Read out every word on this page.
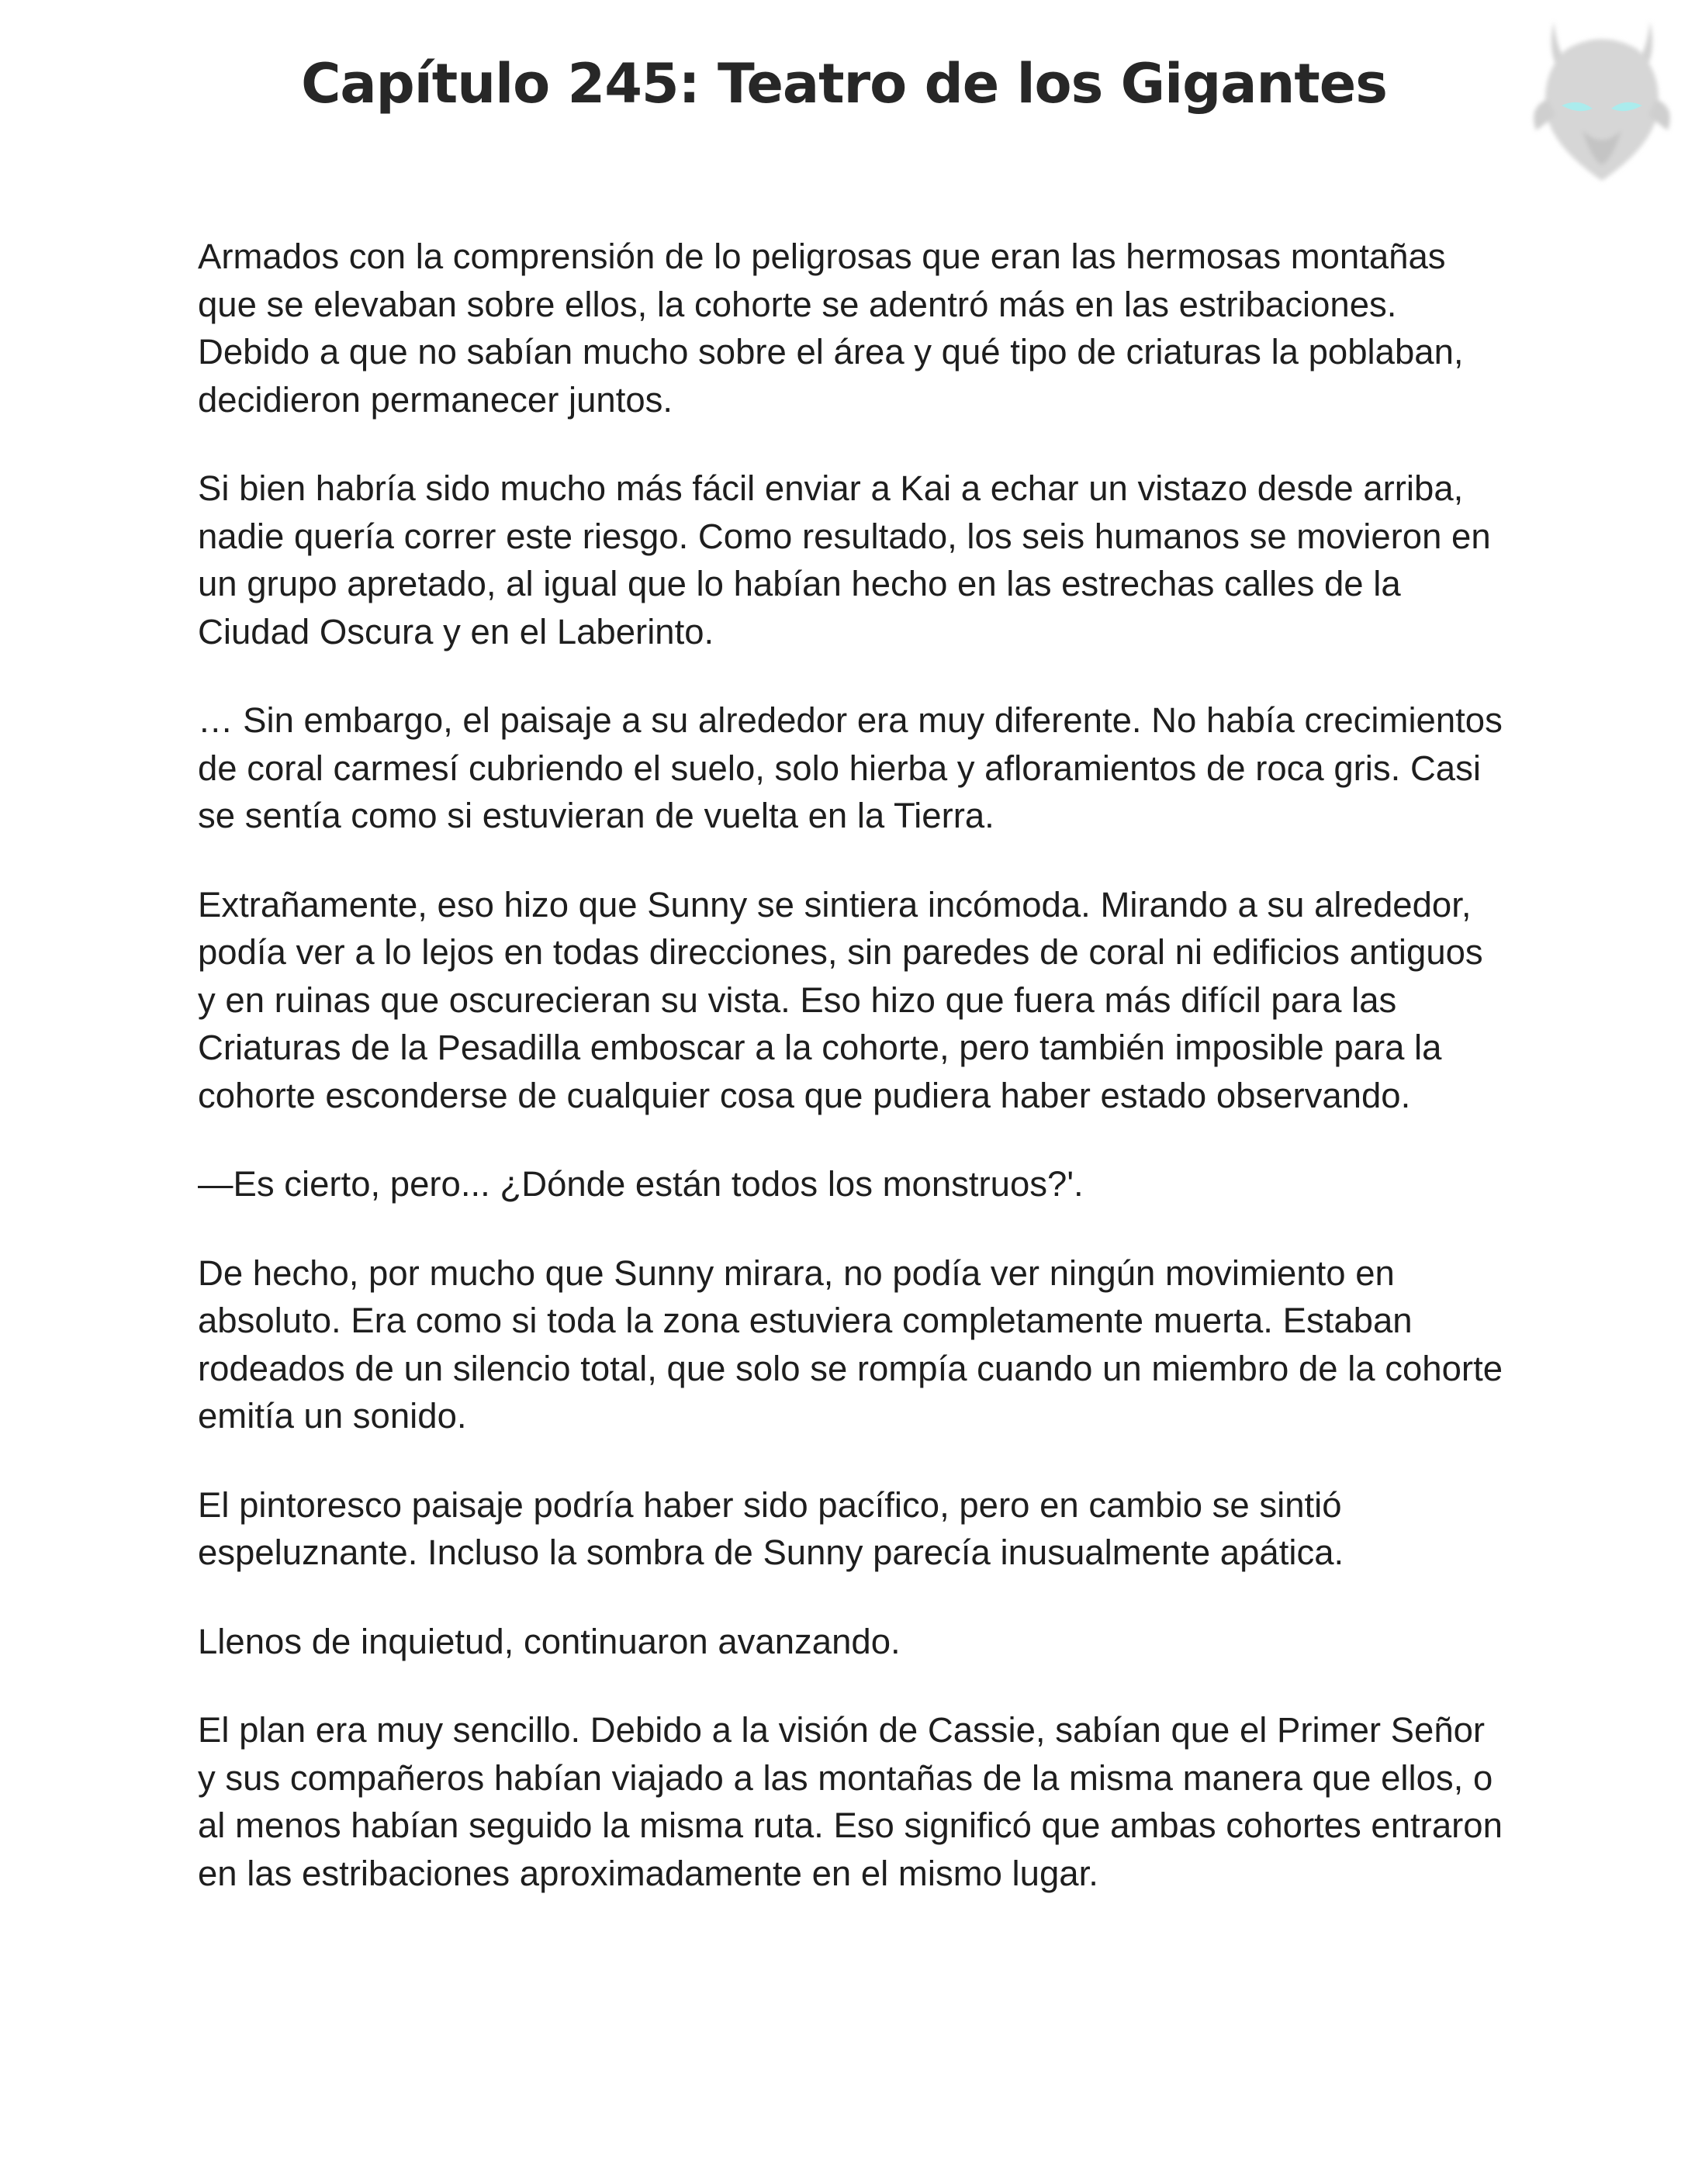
Capítulo 245: Teatro de los Gigantes

Armados con la comprensión de lo peligrosas que eran las hermosas montañas que se elevaban sobre ellos, la cohorte se adentró más en las estribaciones. Debido a que no sabían mucho sobre el área y qué tipo de criaturas la poblaban, decidieron permanecer juntos.

Si bien habría sido mucho más fácil enviar a Kai a echar un vistazo desde arriba, nadie quería correr este riesgo. Como resultado, los seis humanos se movieron en un grupo apretado, al igual que lo habían hecho en las estrechas calles de la Ciudad Oscura y en el Laberinto.

… Sin embargo, el paisaje a su alrededor era muy diferente. No había crecimientos de coral carmesí cubriendo el suelo, solo hierba y afloramientos de roca gris. Casi se sentía como si estuvieran de vuelta en la Tierra.

Extrañamente, eso hizo que Sunny se sintiera incómoda. Mirando a su alrededor, podía ver a lo lejos en todas direcciones, sin paredes de coral ni edificios antiguos y en ruinas que oscurecieran su vista. Eso hizo que fuera más difícil para las Criaturas de la Pesadilla emboscar a la cohorte, pero también imposible para la cohorte esconderse de cualquier cosa que pudiera haber estado observando.

—Es cierto, pero... ¿Dónde están todos los monstruos?'.

De hecho, por mucho que Sunny mirara, no podía ver ningún movimiento en absoluto. Era como si toda la zona estuviera completamente muerta. Estaban rodeados de un silencio total, que solo se rompía cuando un miembro de la cohorte emitía un sonido.

El pintoresco paisaje podría haber sido pacífico, pero en cambio se sintió espeluznante. Incluso la sombra de Sunny parecía inusualmente apática.

Llenos de inquietud, continuaron avanzando.

El plan era muy sencillo. Debido a la visión de Cassie, sabían que el Primer Señor y sus compañeros habían viajado a las montañas de la misma manera que ellos, o al menos habían seguido la misma ruta. Eso significó que ambas cohortes entraron en las estribaciones aproximadamente en el mismo lugar.
